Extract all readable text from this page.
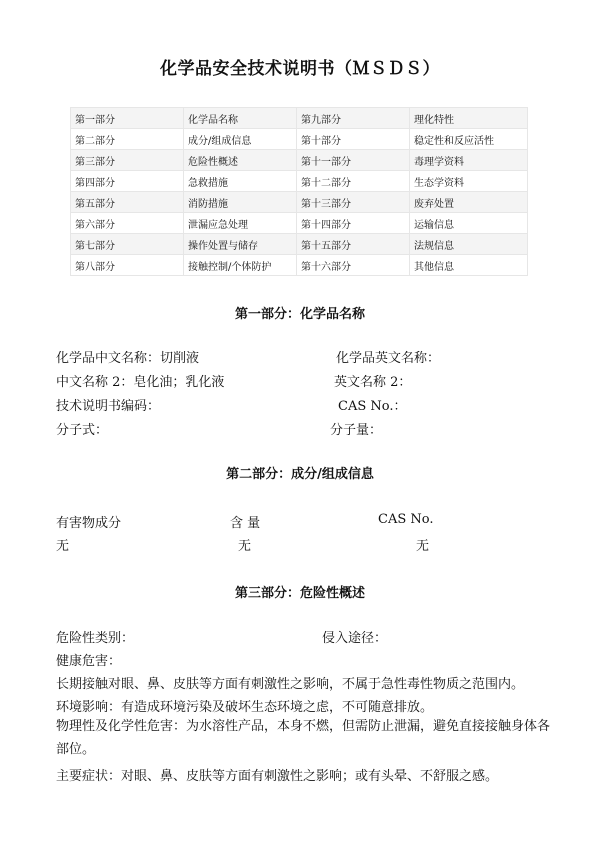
化学品安全技术说明书（ＭＳＤＳ）
第一部分	化学品名称	第九部分	理化特性
第二部分	成分/组成信息	第十部分	稳定性和反应活性
第三部分	危险性概述	第十一部分	毒理学资料
第四部分	急救措施	第十二部分	生态学资料
第五部分	消防措施	第十三部分	废弃处置
第六部分	泄漏应急处理	第十四部分	运输信息
第七部分	操作处置与储存	第十五部分	法规信息
第八部分	接触控制/个体防护	第十六部分	其他信息
第一部分：化学品名称
化学品中文名称：切削液	化学品英文名称：
中文名称 2：皂化油；乳化液	英文名称 2：
技术说明书编码：	CAS No.：
分子式：	分子量：
第二部分：成分/组成信息
有害物成分	含 量	CAS No.
无	无	无
第三部分：危险性概述
危险性类别：	侵入途径：
健康危害：
长期接触对眼、鼻、皮肤等方面有刺激性之影响，不属于急性毒性物质之范围内。
环境影响：有造成环境污染及破坏生态环境之虑，不可随意排放。
物理性及化学性危害：为水溶性产品，本身不燃，但需防止泄漏，避免直接接触身体各部位。
主要症状：对眼、鼻、皮肤等方面有刺激性之影响；或有头晕、不舒服之感。
